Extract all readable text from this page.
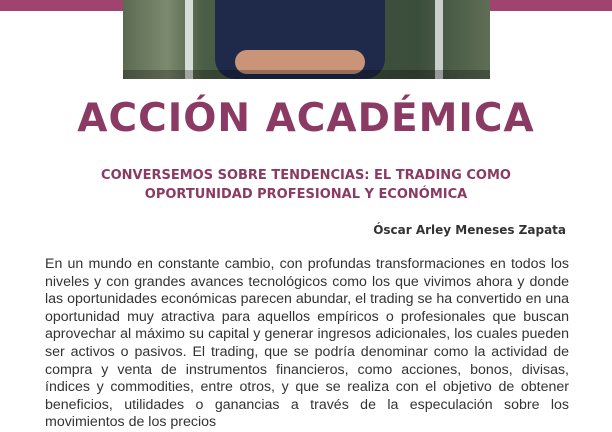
ACCIÓN ACADÉMICA
CONVERSEMOS SOBRE TENDENCIAS: EL TRADING COMO OPORTUNIDAD PROFESIONAL Y ECONÓMICA

Óscar Arley Meneses Zapata

En un mundo en constante cambio, con profundas transformaciones en todos los niveles y con grandes avances tecnológicos como los que vivimos ahora y donde las oportunidades económicas parecen abundar, el trading se ha convertido en una oportunidad muy atractiva para aquellos empíricos o profesionales que buscan aprovechar al máximo su capital y generar ingresos adicionales, los cuales pueden ser activos o pasivos. El trading, que se podría denominar como la actividad de compra y venta de instrumentos financieros, como acciones, bonos, divisas, índices y commodities, entre otros, y que se realiza con el objetivo de obtener beneficios, utilidades o ganancias a través de la especulación sobre los movimientos de los precios
